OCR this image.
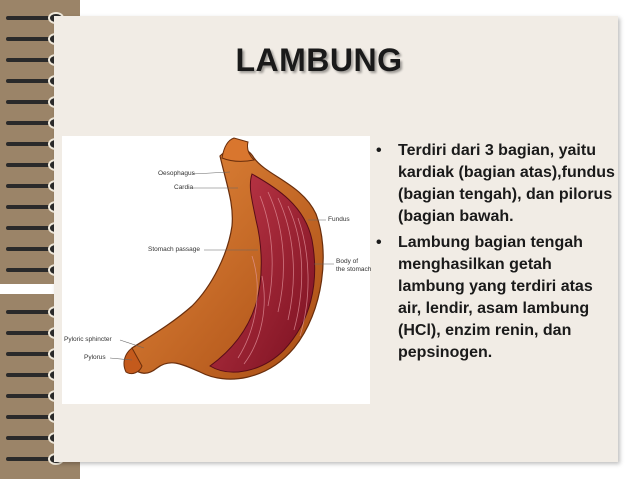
LAMBUNG
Oesophagus
Cardia
Fundus
Stomach passage
Body of
the stomach
Pyloric sphincter
Pylorus
• Terdiri dari 3 bagian, yaitu kardiak (bagian atas),fundus (bagian tengah), dan pilorus (bagian bawah.
• Lambung bagian tengah menghasilkan getah lambung yang terdiri atas air, lendir, asam lambung (HCl), enzim renin, dan pepsinogen.
